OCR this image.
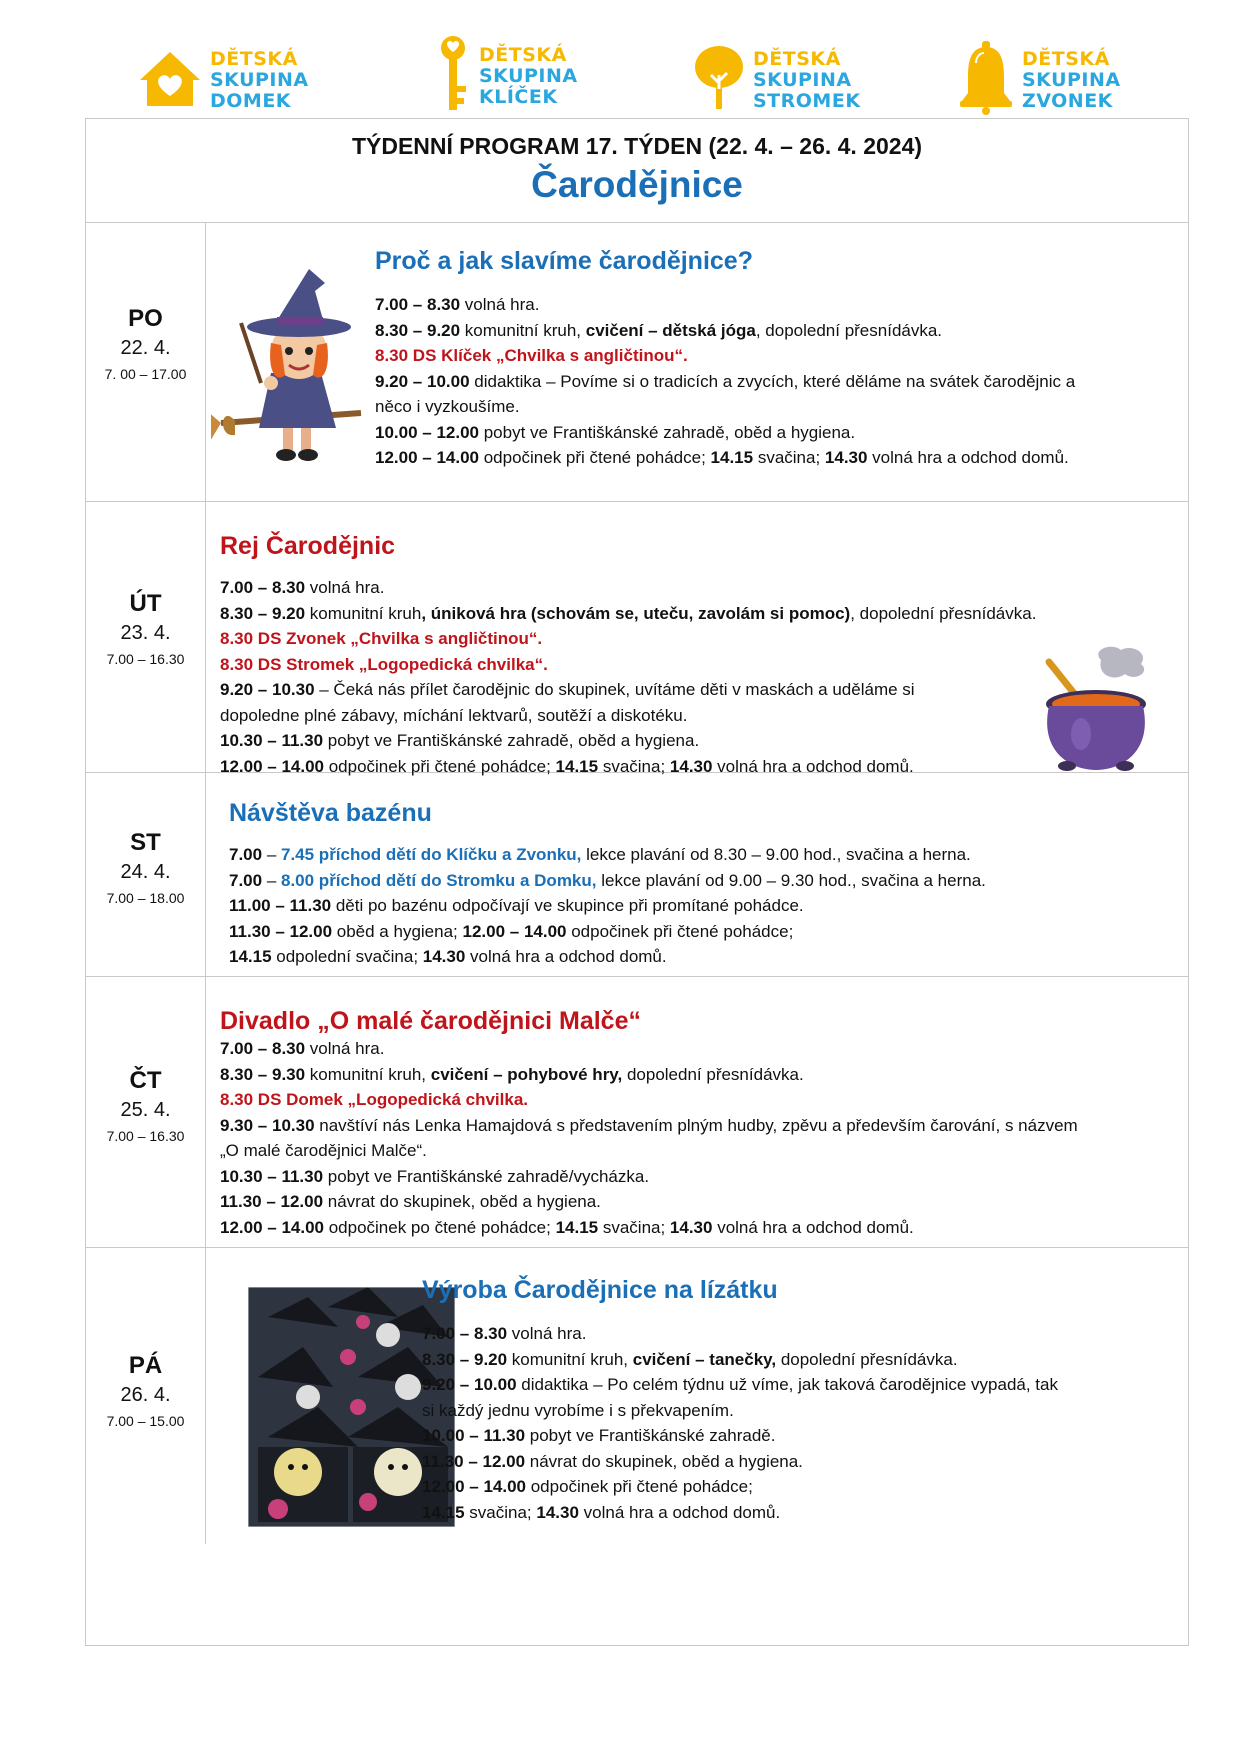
DĚTSKÁ
SKUPINA
DOMEK
DĚTSKÁ
SKUPINA
KLÍČEK
DĚTSKÁ
SKUPINA
STROMEK
DĚTSKÁ
SKUPINA
ZVONEK
TÝDENNÍ PROGRAM 17. TÝDEN (22. 4. – 26. 4. 2024)
Čarodějnice
PO
22. 4.
7. 00 – 17.00
Proč a jak slavíme čarodějnice?
7.00 – 8.30 volná hra.
8.30 – 9.20 komunitní kruh, cvičení – dětská jóga, dopolední přesnídávka.
8.30 DS Klíček „Chvilka s angličtinou“.
9.20 – 10.00 didaktika – Povíme si o tradicích a zvycích, které děláme na svátek čarodějnic a
něco i vyzkoušíme.
10.00 – 12.00 pobyt ve Františkánské zahradě, oběd a hygiena.
12.00 – 14.00 odpočinek při čtené pohádce; 14.15 svačina; 14.30 volná hra a odchod domů.
ÚT
23. 4.
7.00 – 16.30
Rej Čarodějnic
7.00 – 8.30 volná hra.
8.30 – 9.20 komunitní kruh, úniková hra (schovám se, uteču, zavolám si pomoc), dopolední přesnídávka.
8.30 DS Zvonek „Chvilka s angličtinou“.
8.30 DS Stromek „Logopedická chvilka“.
9.20 – 10.30 – Čeká nás přílet čarodějnic do skupinek, uvítáme děti v maskách a uděláme si
dopoledne plné zábavy, míchání lektvarů, soutěží a diskotéku.
10.30 – 11.30 pobyt ve Františkánské zahradě, oběd a hygiena.
12.00 – 14.00 odpočinek při čtené pohádce; 14.15 svačina; 14.30 volná hra a odchod domů.
ST
24. 4.
7.00 – 18.00
Návštěva bazénu
7.00 – 7.45 příchod dětí do Klíčku a Zvonku, lekce plavání od 8.30 – 9.00 hod., svačina a herna.
7.00 – 8.00 příchod dětí do Stromku a Domku, lekce plavání od 9.00 – 9.30 hod., svačina a herna.
11.00 – 11.30 děti po bazénu odpočívají ve skupince při promítané pohádce.
11.30 – 12.00 oběd a hygiena; 12.00 – 14.00 odpočinek při čtené pohádce;
14.15 odpolední svačina; 14.30 volná hra a odchod domů.
ČT
25. 4.
7.00 – 16.30
Divadlo „O malé čarodějnici Malče“
7.00 – 8.30 volná hra.
8.30 – 9.30 komunitní kruh, cvičení – pohybové hry, dopolední přesnídávka.
8.30 DS Domek „Logopedická chvilka.
9.30 – 10.30 navštíví nás Lenka Hamajdová s představením plným hudby, zpěvu a především čarování, s názvem
„O malé čarodějnici Malče“.
10.30 – 11.30 pobyt ve Františkánské zahradě/vycházka.
11.30 – 12.00 návrat do skupinek, oběd a hygiena.
12.00 – 14.00 odpočinek po čtené pohádce; 14.15 svačina; 14.30 volná hra a odchod domů.
PÁ
26. 4.
7.00 – 15.00
Výroba Čarodějnice na lízátku
7.00 – 8.30 volná hra.
8.30 – 9.20 komunitní kruh, cvičení – tanečky, dopolední přesnídávka.
9.20 – 10.00 didaktika – Po celém týdnu už víme, jak taková čarodějnice vypadá, tak
si každý jednu vyrobíme i s překvapením.
10.00 – 11.30 pobyt ve Františkánské zahradě.
11.30 – 12.00 návrat do skupinek, oběd a hygiena.
12.00 – 14.00 odpočinek při čtené pohádce;
14.15 svačina; 14.30 volná hra a odchod domů.
